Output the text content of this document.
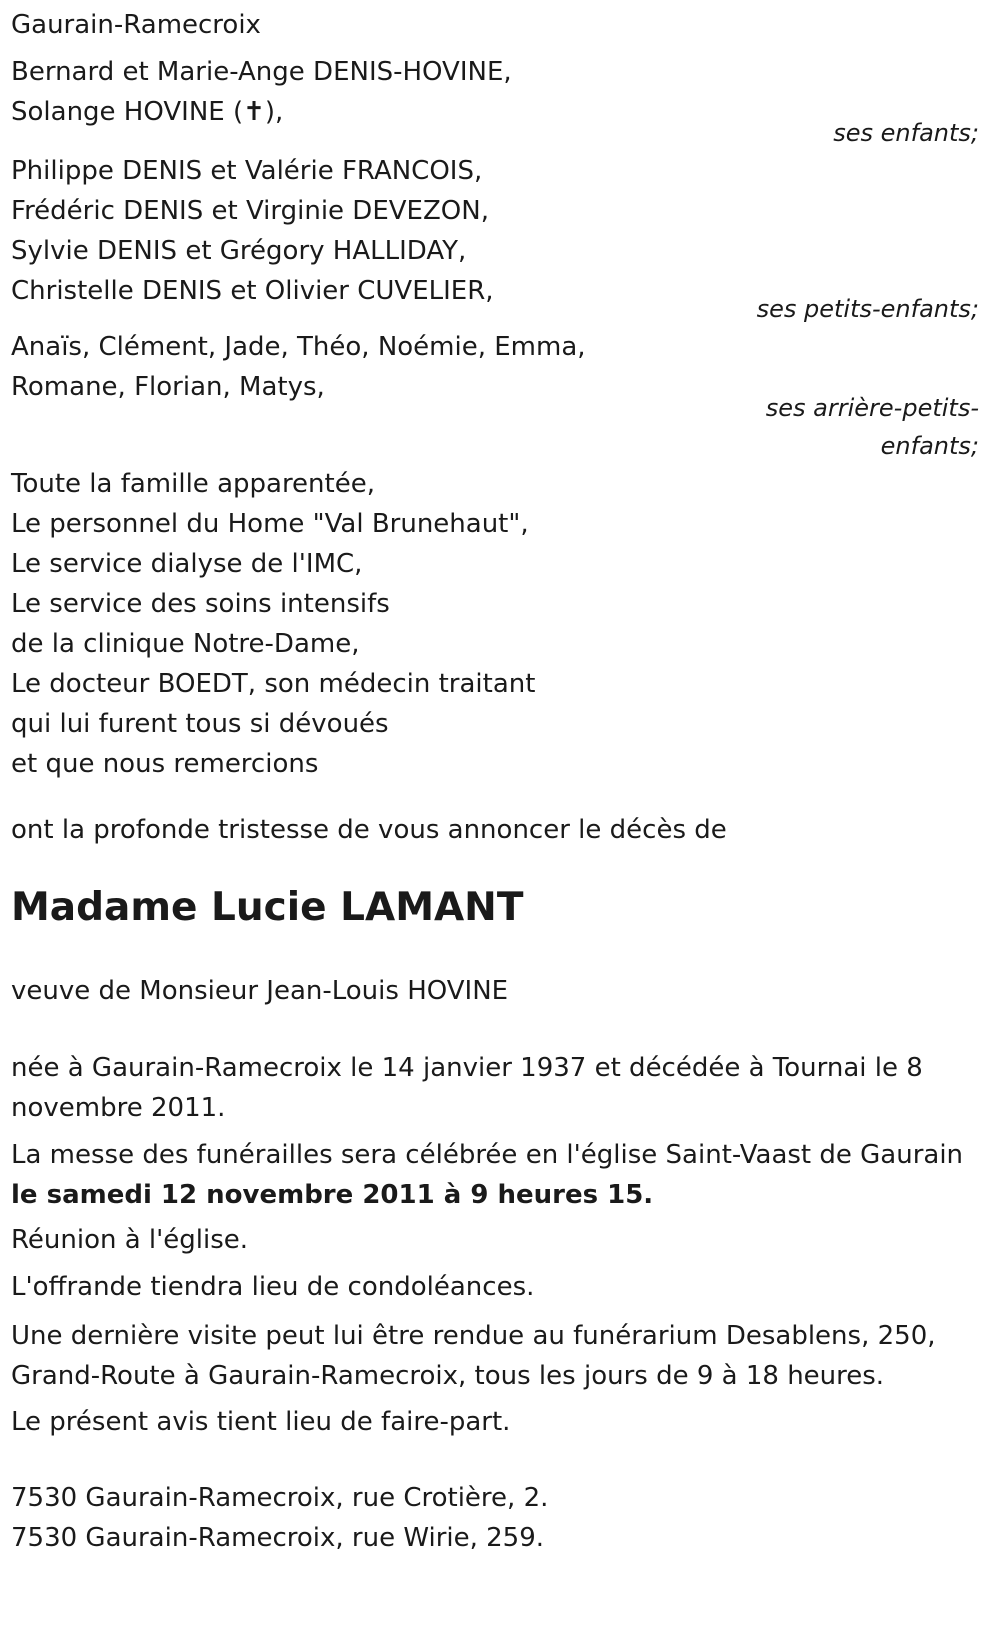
Gaurain-Ramecroix
Bernard et Marie-Ange DENIS-HOVINE,
Solange HOVINE (✝),
ses enfants;
Philippe DENIS et Valérie FRANCOIS,
Frédéric DENIS et Virginie DEVEZON,
Sylvie DENIS et Grégory HALLIDAY,
Christelle DENIS et Olivier CUVELIER,
ses petits-enfants;
Anaïs, Clément, Jade, Théo, Noémie, Emma,
Romane, Florian, Matys,
ses arrière-petits-
enfants;
Toute la famille apparentée,
Le personnel du Home "Val Brunehaut",
Le service dialyse de l'IMC,
Le service des soins intensifs
de la clinique Notre-Dame,
Le docteur BOEDT, son médecin traitant
qui lui furent tous si dévoués
et que nous remercions
ont la profonde tristesse de vous annoncer le décès de
Madame Lucie LAMANT
veuve de Monsieur Jean-Louis HOVINE
née à Gaurain-Ramecroix le 14 janvier 1937 et décédée à Tournai le 8 novembre 2011.
La messe des funérailles sera célébrée en l'église Saint-Vaast de Gaurain
le samedi 12 novembre 2011 à 9 heures 15.
Réunion à l'église.
L'offrande tiendra lieu de condoléances.
Une dernière visite peut lui être rendue au funérarium Desablens, 250,
Grand-Route à Gaurain-Ramecroix, tous les jours de 9 à 18 heures.
Le présent avis tient lieu de faire-part.
7530 Gaurain-Ramecroix, rue Crotière, 2.
7530 Gaurain-Ramecroix, rue Wirie, 259.
